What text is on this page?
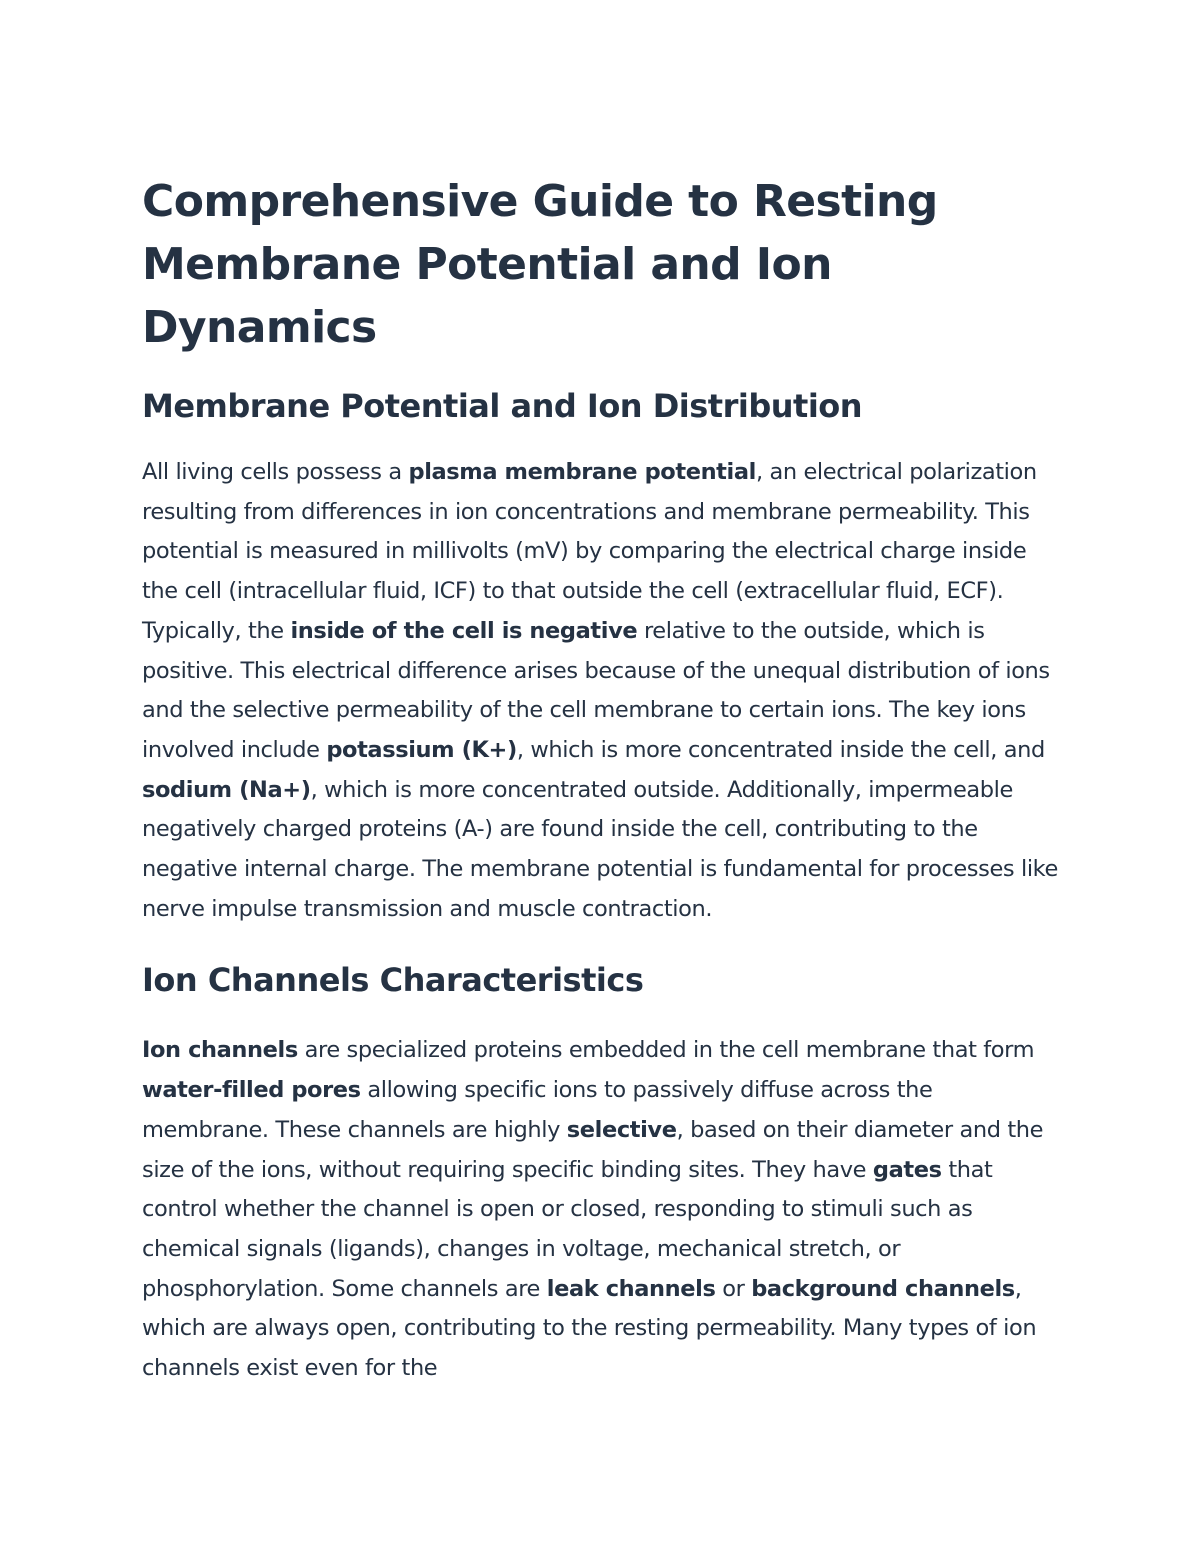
Comprehensive Guide to Resting Membrane Potential and Ion Dynamics
Membrane Potential and Ion Distribution

All living cells possess a plasma membrane potential, an electrical polarization resulting from differences in ion concentrations and membrane permeability. This potential is measured in millivolts (mV) by comparing the electrical charge inside the cell (intracellular fluid, ICF) to that outside the cell (extracellular fluid, ECF). Typically, the inside of the cell is negative relative to the outside, which is positive. This electrical difference arises because of the unequal distribution of ions and the selective permeability of the cell membrane to certain ions. The key ions involved include potassium (K+), which is more concentrated inside the cell, and sodium (Na+), which is more concentrated outside. Additionally, impermeable negatively charged proteins (A-) are found inside the cell, contributing to the negative internal charge. The membrane potential is fundamental for processes like nerve impulse transmission and muscle contraction.

Ion Channels Characteristics

Ion channels are specialized proteins embedded in the cell membrane that form water-filled pores allowing specific ions to passively diffuse across the membrane. These channels are highly selective, based on their diameter and the size of the ions, without requiring specific binding sites. They have gates that control whether the channel is open or closed, responding to stimuli such as chemical signals (ligands), changes in voltage, mechanical stretch, or phosphorylation. Some channels are leak channels or background channels, which are always open, contributing to the resting permeability. Many types of ion channels exist even for the
